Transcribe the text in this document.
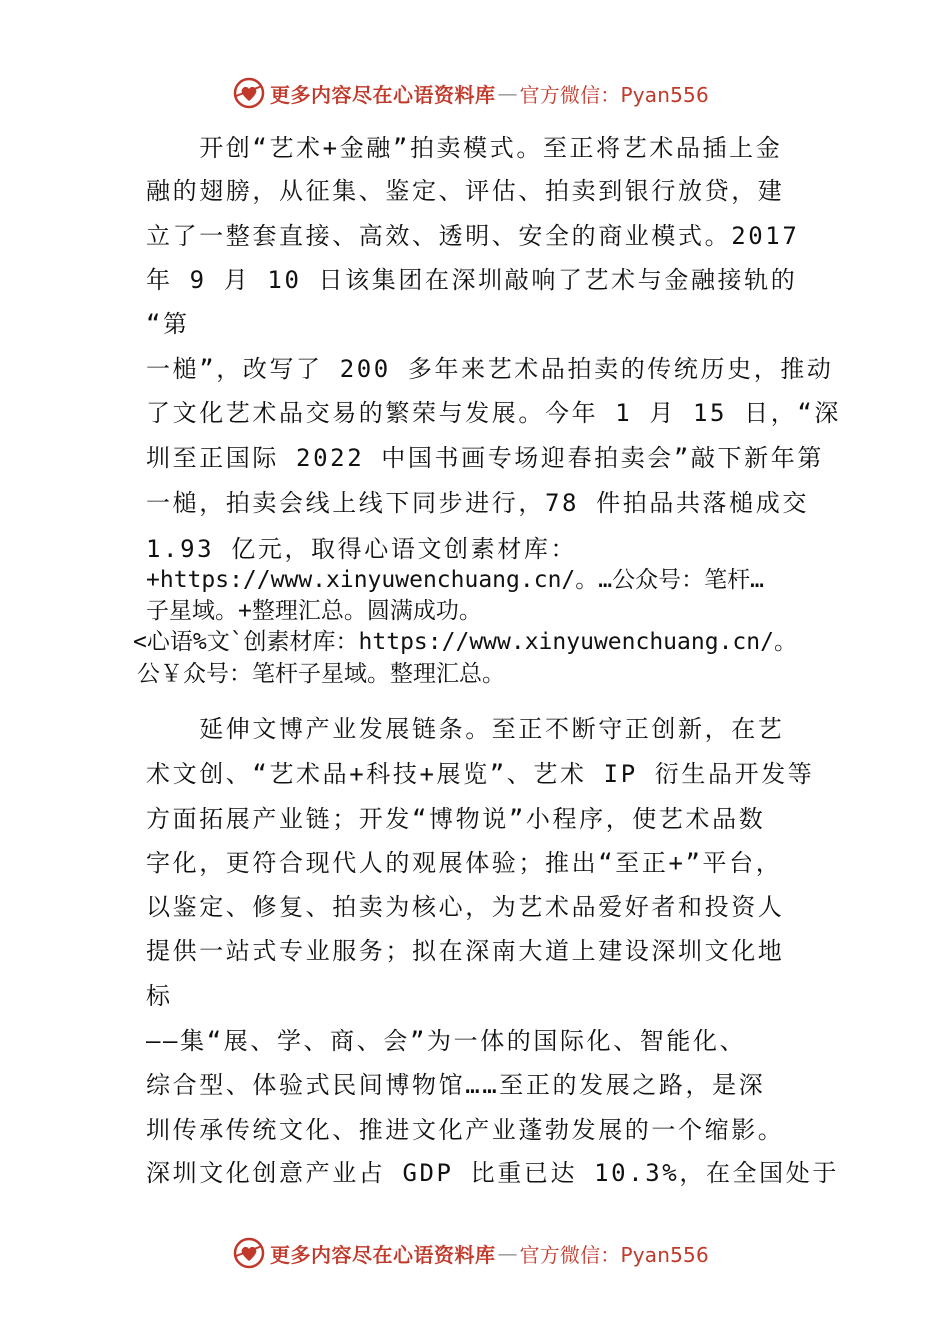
更多内容尽在心语资料库 — 官方微信：Pyan556
　　开创“艺术+金融”拍卖模式。至正将艺术品插上金
融的翅膀，从征集、鉴定、评估、拍卖到银行放贷，建
立了一整套直接、高效、透明、安全的商业模式。2017
年 9 月 10 日该集团在深圳敲响了艺术与金融接轨的
“第
一槌”，改写了 200 多年来艺术品拍卖的传统历史，推动
了文化艺术品交易的繁荣与发展。今年 1 月 15 日，“深
圳至正国际 2022 中国书画专场迎春拍卖会”敲下新年第
一槌，拍卖会线上线下同步进行，78 件拍品共落槌成交
1.93 亿元，取得心语文创素材库：
+https://www.xinyuwenchuang.cn/。…公众号：笔杆…
子星域。+整理汇总。圆满成功。
<心语%文`创素材库：https://www.xinyuwenchuang.cn/。
公￥众号：笔杆子星域。整理汇总。
　　延伸文博产业发展链条。至正不断守正创新，在艺
术文创、“艺术品+科技+展览”、艺术 IP 衍生品开发等
方面拓展产业链；开发“博物说”小程序，使艺术品数
字化，更符合现代人的观展体验；推出“至正+”平台，
以鉴定、修复、拍卖为核心，为艺术品爱好者和投资人
提供一站式专业服务；拟在深南大道上建设深圳文化地
标
——集“展、学、商、会”为一体的国际化、智能化、
综合型、体验式民间博物馆……至正的发展之路，是深
圳传承传统文化、推进文化产业蓬勃发展的一个缩影。
深圳文化创意产业占 GDP 比重已达 10.3%，在全国处于
更多内容尽在心语资料库 — 官方微信：Pyan556
